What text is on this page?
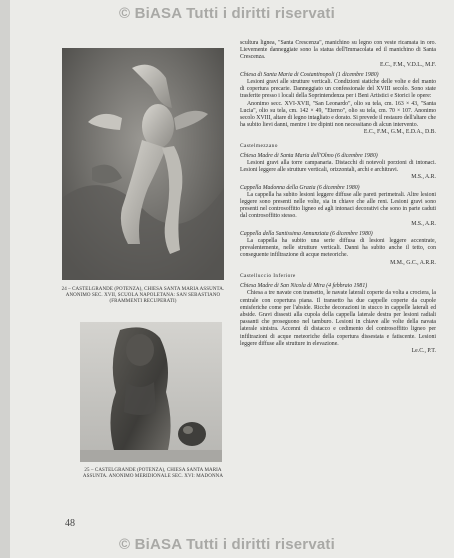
© BiASA Tutti i diritti riservati
24 – CASTELGRANDE (POTENZA), CHIESA SANTA MARIA ASSUNTA. ANONIMO SEC. XVII, SCUOLA NAPOLETANA: SAN SEBASTIANO (FRAMMENTI RECUPERATI)
25 – CASTELGRANDE (POTENZA), CHIESA SANTA MARIA ASSUNTA. ANONIMO MERIDIONALE SEC. XVI: MADONNA
48

scultura lignea, "Santa Crescenza", manichino su legno con veste ricamata in oro. Lievemente danneggiate sono la statua dell'Immacolata ed il manichino di Santa Crescenza.

E.C., F.M., V.D.L., M.F.

Chiesa di Santa Maria di Costantinopoli (1 dicembre 1980)

Lesioni gravi alle strutture verticali. Condizioni statiche delle volte e del manto di copertura precarie. Danneggiato un confessionale del XVIII secolo. Sono state trasferite presso i locali della Soprintendenza per i Beni Artistici e Storici le opere:

Anonimo secc. XVI-XVII, "San Leonardo", olio su tela, cm. 163 × 43, "Santa Lucia", olio su tela, cm. 142 × 49, "Eterno", olio su tela, cm. 70 × 107. Anonimo secolo XVIII, altare di legno intagliato e dorato. Si prevede il restauro dell'altare che ha subito lievi danni, mentre i tre dipinti non necessitano di alcun intervento.

E.C., F.M., G.M., E.D.A., D.B.

Castelmezzano

Chiesa Madre di Santa Maria dell'Olmo (6 dicembre 1980)

Lesioni gravi alla torre campanaria. Distacchi di notevoli porzioni di intonaci. Lesioni leggere alle strutture verticali, orizzontali, archi e architravi.

M.S., A.R.

Cappella Madonna della Grazia (6 dicembre 1980)

La cappella ha subito lesioni leggere diffuse alle pareti perimetrali. Altre lesioni leggere sono presenti nelle volte, sia in chiave che alle reni. Lesioni gravi sono presenti nel controsoffitto ligneo ed agli intonaci decorativi che sono in parte caduti dal controsoffitto stesso.

M.S., A.R.

Cappella della Santissima Annunziata (6 dicembre 1980)

La cappella ha subito una serie diffusa di lesioni leggere accentrate, prevalentemente, nelle strutture verticali. Danni ha subito anche il tetto, con conseguente infiltrazione di acque meteoriche.

M.M., G.C., A.R.R.

Castelluccio Inferiore

Chiesa Madre di San Nicola di Mira (4 febbraio 1981)

Chiesa a tre navate con transetto, le navate laterali coperte da volta a crociera, la centrale con copertura piana. Il transetto ha due cappelle coperte da cupole emisferiche come per l'abside. Ricche decorazioni in stucco in cappelle laterali ed abside. Gravi dissesti alla cupola della cappella laterale destra per lesioni radiali passanti che proseguono nel tamburo. Lesioni in chiave alle volte della navata laterale sinistra. Accenni di distacco e cedimento del controsoffitto ligneo per infiltrazioni di acque meteoriche della copertura dissestata e fatiscente. Lesioni leggere diffuse alle strutture in elevazione.

Le.C., P.T.

© BiASA Tutti i diritti riservati
